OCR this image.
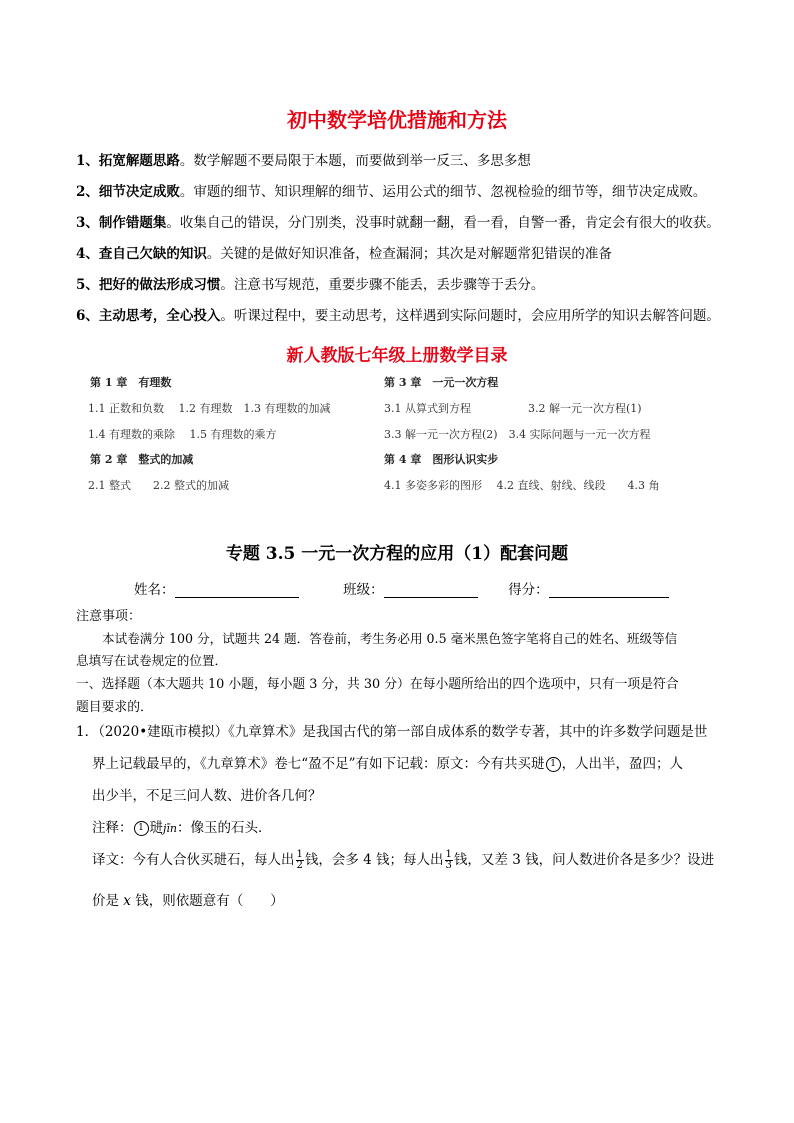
初中数学培优措施和方法
1、拓宽解题思路。数学解题不要局限于本题，而要做到举一反三、多思多想
2、细节决定成败。审题的细节、知识理解的细节、运用公式的细节、忽视检验的细节等，细节决定成败。
3、制作错题集。收集自己的错误，分门别类，没事时就翻一翻，看一看，自警一番，肯定会有很大的收获。
4、查自己欠缺的知识。关键的是做好知识准备，检查漏洞；其次是对解题常犯错误的准备
5、把好的做法形成习惯。注意书写规范，重要步骤不能丢，丢步骤等于丢分。
6、主动思考，全心投入。听课过程中，要主动思考，这样遇到实际问题时，会应用所学的知识去解答问题。
新人教版七年级上册数学目录
第 1 章　有理数
1.1 正数和负数　 1.2 有理数　1.3 有理数的加减
1.4 有理数的乘除　 1.5 有理数的乘方
第 2 章　整式的加减
2.1 整式　　2.2 整式的加减
第 3 章　一元一次方程
3.1 从算式到方程	3.2 解一元一次方程(1)
3.3 解一元一次方程(2)　3.4 实际问题与一元一次方程
第 4 章　图形认识实步
4.1 多姿多彩的图形　 4.2 直线、射线、线段　　4.3 角
专题 3.5 一元一次方程的应用（1）配套问题
姓名：	班级：	得分：
注意事项：
本试卷满分 100 分，试题共 24 题．答卷前，考生务必用 0.5 毫米黑色签字笔将自己的姓名、班级等信
息填写在试卷规定的位置．
一、选择题（本大题共 10 小题，每小题 3 分，共 30 分）在每小题所给出的四个选项中，只有一项是符合
题目要求的．
1．（2020•建瓯市模拟）《九章算术》是我国古代的第一部自成体系的数学专著，其中的许多数学问题是世
界上记载最早的，《九章算术》卷七“盈不足”有如下记载：原文：今有共买琎 1 ，人出半，盈四；人
出少半，不足三问人数、进价各几何？
注释： 1 琎jīn：像玉的石头．
译文：今有人合伙买琎石，每人出 $\frac{1}{2}$ 钱，会多 4 钱；每人出 $\frac{1}{3}$ 钱，又差 3 钱，问人数进价各是多少？设进
价是 x 钱，则依题意有（　　）
